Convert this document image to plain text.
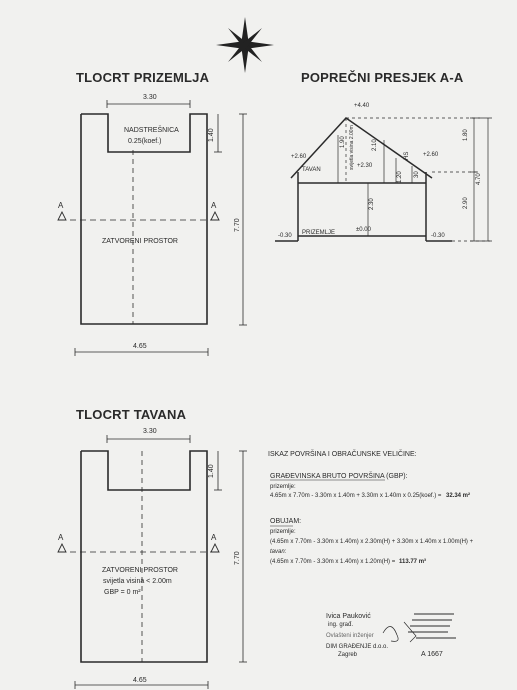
TLOCRT PRIZEMLJA	POPREČNI PRESJEK A-A
TLOCRT TAVANA
3.30
4.65
7.70
1.40
NADSTREŠNICA
0.25(koef.)
ZATVORENI PROSTOR
A	A
+4.40
+2.60	+2.60
+2.30
±0.00
-0.30	-0.30
TAVAN
PRIZEMLJE
2.10
1.90 svijetla visina 2.00m
1.20 30
HS
2.30
1.80
2.90
4.70
3.30
4.65
7.70
1.40
ZATVORENI PROSTOR
svijetla visina < 2.00m
GBP = 0 m²
A	A
ISKAZ POVRŠINA I OBRAČUNSKE VELIČINE:
GRAĐEVINSKA BRUTO POVRŠINA (GBP):
prizemlje:
4.65m x 7.70m - 3.30m x 1.40m + 3.30m x 1.40m x 0.25(koef.) = 32.34 m²
OBUJAM:
prizemlje:
(4.65m x 7.70m - 3.30m x 1.40m) x 2.30m(H) + 3.30m x 1.40m x 1.00m(H) +
tavan:
(4.65m x 7.70m - 3.30m x 1.40m) x 1.20m(H) = 113.77 m³
Ivica Pauković
ing. građ.
Ovlašteni inženjer
DIM GRAĐENJE d.o.o.
Zagreb	A 1667
